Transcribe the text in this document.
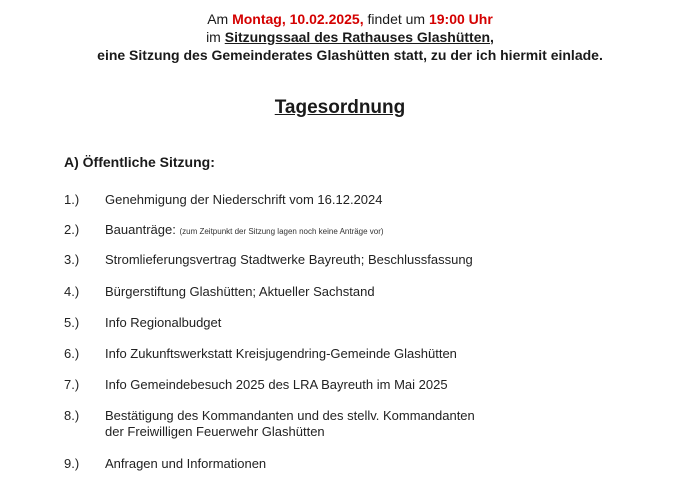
Am Montag, 10.02.2025, findet um 19:00 Uhr
im Sitzungssaal des Rathauses Glashütten,
eine Sitzung des Gemeinderates Glashütten statt, zu der ich hiermit einlade.
Tagesordnung
A) Öffentliche Sitzung:
1.)	Genehmigung der Niederschrift vom 16.12.2024
2.)	Bauanträge: (zum Zeitpunkt der Sitzung lagen noch keine Anträge vor)
3.)	Stromlieferungsvertrag Stadtwerke Bayreuth; Beschlussfassung
4.)	Bürgerstiftung Glashütten; Aktueller Sachstand
5.)	Info Regionalbudget
6.)	Info Zukunftswerkstatt Kreisjugendring-Gemeinde Glashütten
7.)	Info Gemeindebesuch 2025 des LRA Bayreuth im Mai 2025
8.)	Bestätigung des Kommandanten und des stellv. Kommandanten
der Freiwilligen Feuerwehr Glashütten
9.)	Anfragen und Informationen
